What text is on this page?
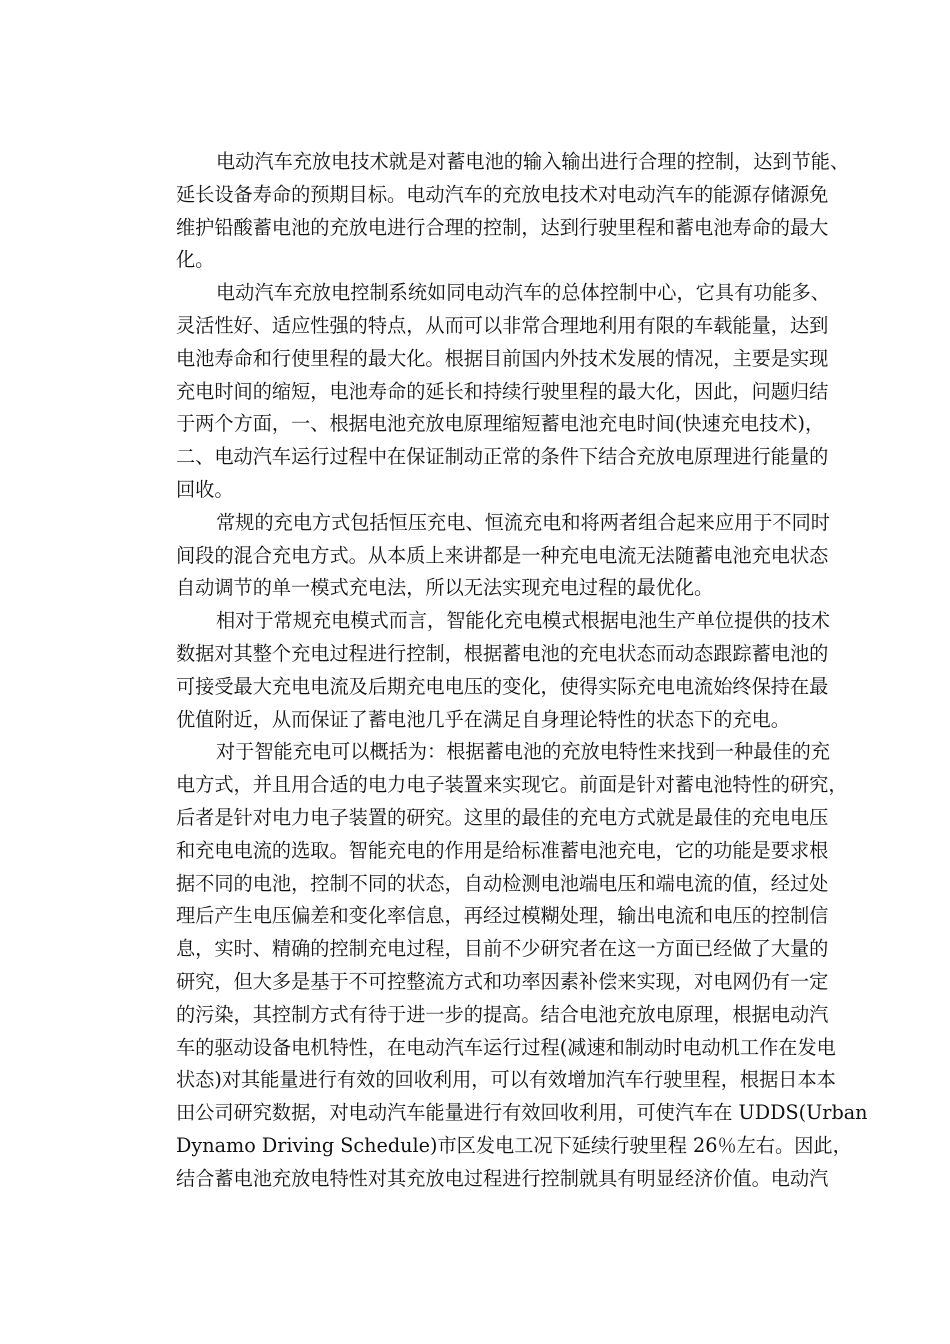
电动汽车充放电技术就是对蓄电池的输入输出进行合理的控制，达到节能、
延长设备寿命的预期目标。电动汽车的充放电技术对电动汽车的能源存储源免
维护铅酸蓄电池的充放电进行合理的控制，达到行驶里程和蓄电池寿命的最大
化。
电动汽车充放电控制系统如同电动汽车的总体控制中心，它具有功能多、
灵活性好、适应性强的特点，从而可以非常合理地利用有限的车载能量，达到
电池寿命和行使里程的最大化。根据目前国内外技术发展的情况，主要是实现
充电时间的缩短，电池寿命的延长和持续行驶里程的最大化，因此，问题归结
于两个方面，一、根据电池充放电原理缩短蓄电池充电时间(快速充电技术)，
二、电动汽车运行过程中在保证制动正常的条件下结合充放电原理进行能量的
回收。
常规的充电方式包括恒压充电、恒流充电和将两者组合起来应用于不同时
间段的混合充电方式。从本质上来讲都是一种充电电流无法随蓄电池充电状态
自动调节的单一模式充电法，所以无法实现充电过程的最优化。
相对于常规充电模式而言，智能化充电模式根据电池生产单位提供的技术
数据对其整个充电过程进行控制，根据蓄电池的充电状态而动态跟踪蓄电池的
可接受最大充电电流及后期充电电压的变化，使得实际充电电流始终保持在最
优值附近，从而保证了蓄电池几乎在满足自身理论特性的状态下的充电。
对于智能充电可以概括为：根据蓄电池的充放电特性来找到一种最佳的充
电方式，并且用合适的电力电子装置来实现它。前面是针对蓄电池特性的研究，
后者是针对电力电子装置的研究。这里的最佳的充电方式就是最佳的充电电压
和充电电流的选取。智能充电的作用是给标准蓄电池充电，它的功能是要求根
据不同的电池，控制不同的状态，自动检测电池端电压和端电流的值，经过处
理后产生电压偏差和变化率信息，再经过模糊处理，输出电流和电压的控制信
息，实时、精确的控制充电过程，目前不少研究者在这一方面已经做了大量的
研究，但大多是基于不可控整流方式和功率因素补偿来实现，对电网仍有一定
的污染，其控制方式有待于进一步的提高。结合电池充放电原理，根据电动汽
车的驱动设备电机特性，在电动汽车运行过程(减速和制动时电动机工作在发电
状态)对其能量进行有效的回收利用，可以有效增加汽车行驶里程，根据日本本
田公司研究数据，对电动汽车能量进行有效回收利用，可使汽车在 UDDS(Urban
Dynamo Driving Schedule)市区发电工况下延续行驶里程 26％左右。因此，
结合蓄电池充放电特性对其充放电过程进行控制就具有明显经济价值。电动汽
